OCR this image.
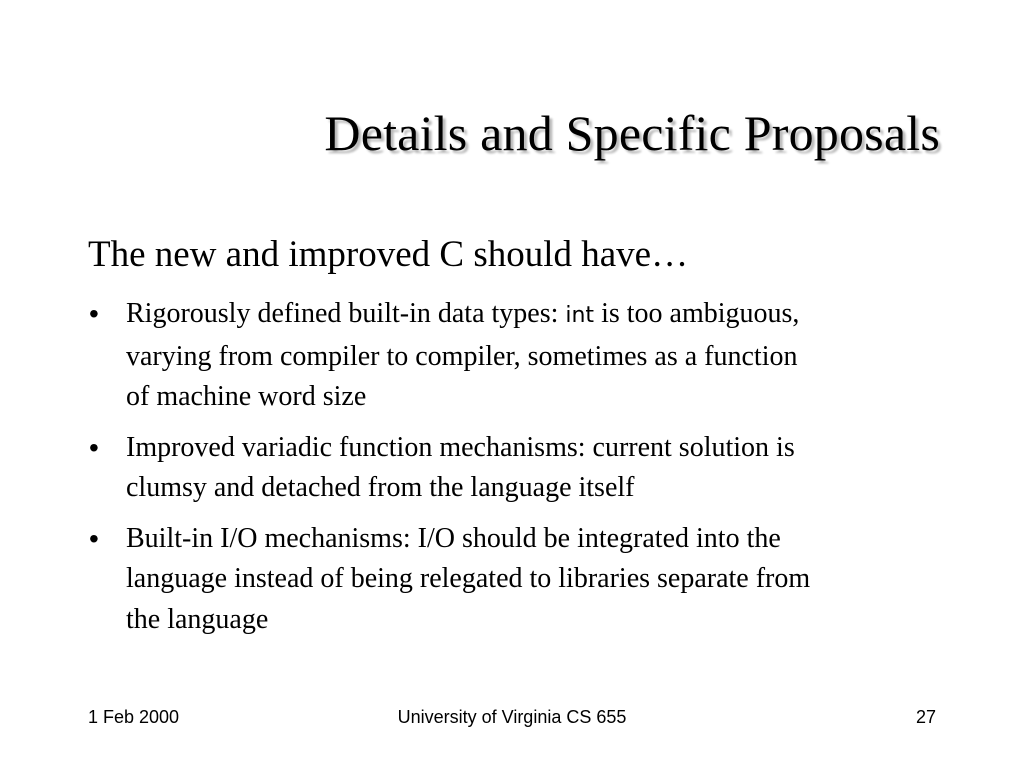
Details and Specific Proposals
The new and improved C should have…
• Rigorously defined built-in data types: int is too ambiguous,
varying from compiler to compiler, sometimes as a function
of machine word size
• Improved variadic function mechanisms: current solution is
clumsy and detached from the language itself
• Built-in I/O mechanisms: I/O should be integrated into the
language instead of being relegated to libraries separate from
the language
1 Feb 2000	University of Virginia CS 655	27
